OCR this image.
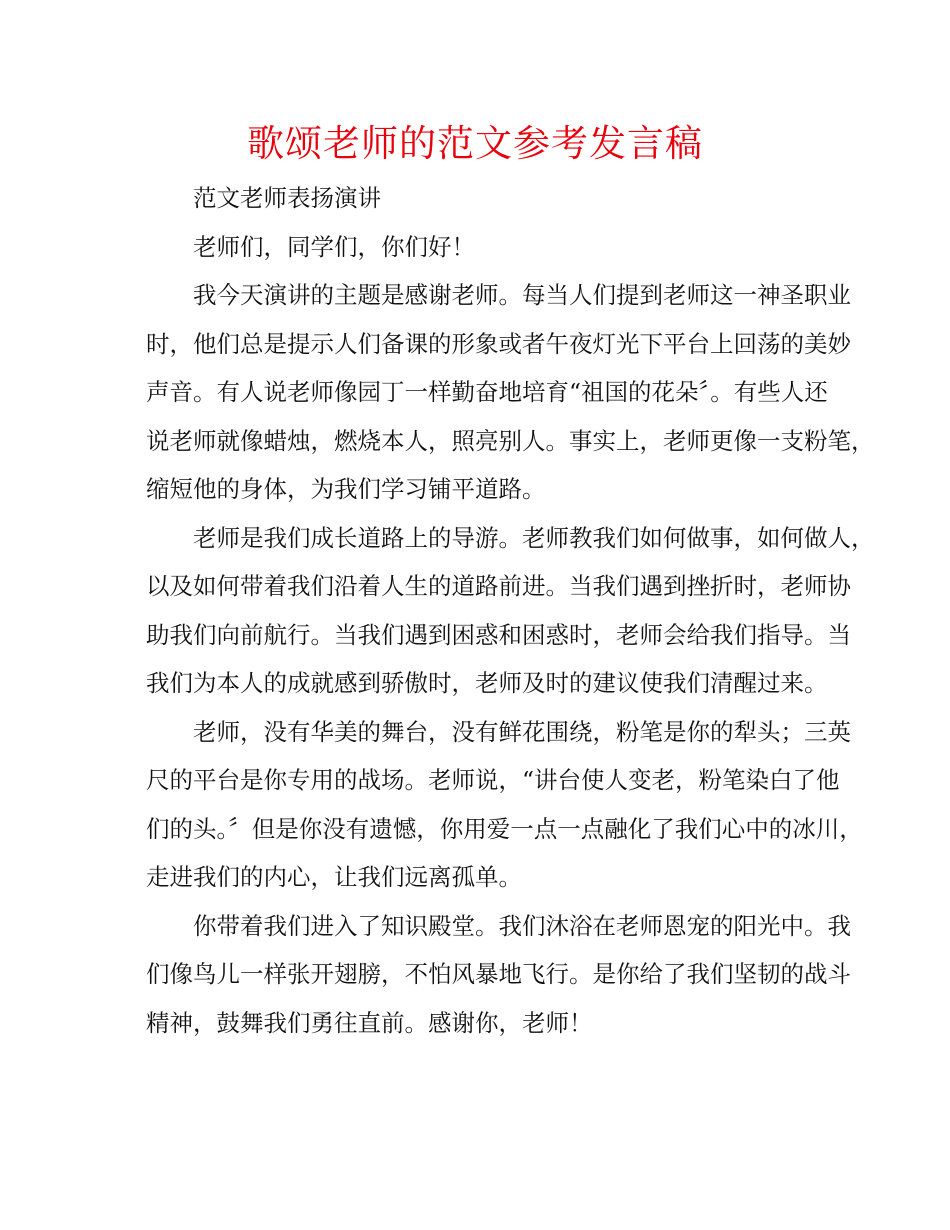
歌颂老师的范文参考发言稿
范文老师表扬演讲
老师们，同学们，你们好！
我今天演讲的主题是感谢老师。每当人们提到老师这一神圣职业
时，他们总是提示人们备课的形象或者午夜灯光下平台上回荡的美妙
声音。有人说老师像园丁一样勤奋地培育“祖国的花朵〞。有些人还
说老师就像蜡烛，燃烧本人，照亮别人。事实上，老师更像一支粉笔，
缩短他的身体，为我们学习铺平道路。
老师是我们成长道路上的导游。老师教我们如何做事，如何做人，
以及如何带着我们沿着人生的道路前进。当我们遇到挫折时，老师协
助我们向前航行。当我们遇到困惑和困惑时，老师会给我们指导。当
我们为本人的成就感到骄傲时，老师及时的建议使我们清醒过来。
老师，没有华美的舞台，没有鲜花围绕，粉笔是你的犁头；三英
尺的平台是你专用的战场。老师说，“讲台使人变老，粉笔染白了他
们的头。〞但是你没有遗憾，你用爱一点一点融化了我们心中的冰川，
走进我们的内心，让我们远离孤单。
你带着我们进入了知识殿堂。我们沐浴在老师恩宠的阳光中。我
们像鸟儿一样张开翅膀，不怕风暴地飞行。是你给了我们坚韧的战斗
精神，鼓舞我们勇往直前。感谢你，老师！
